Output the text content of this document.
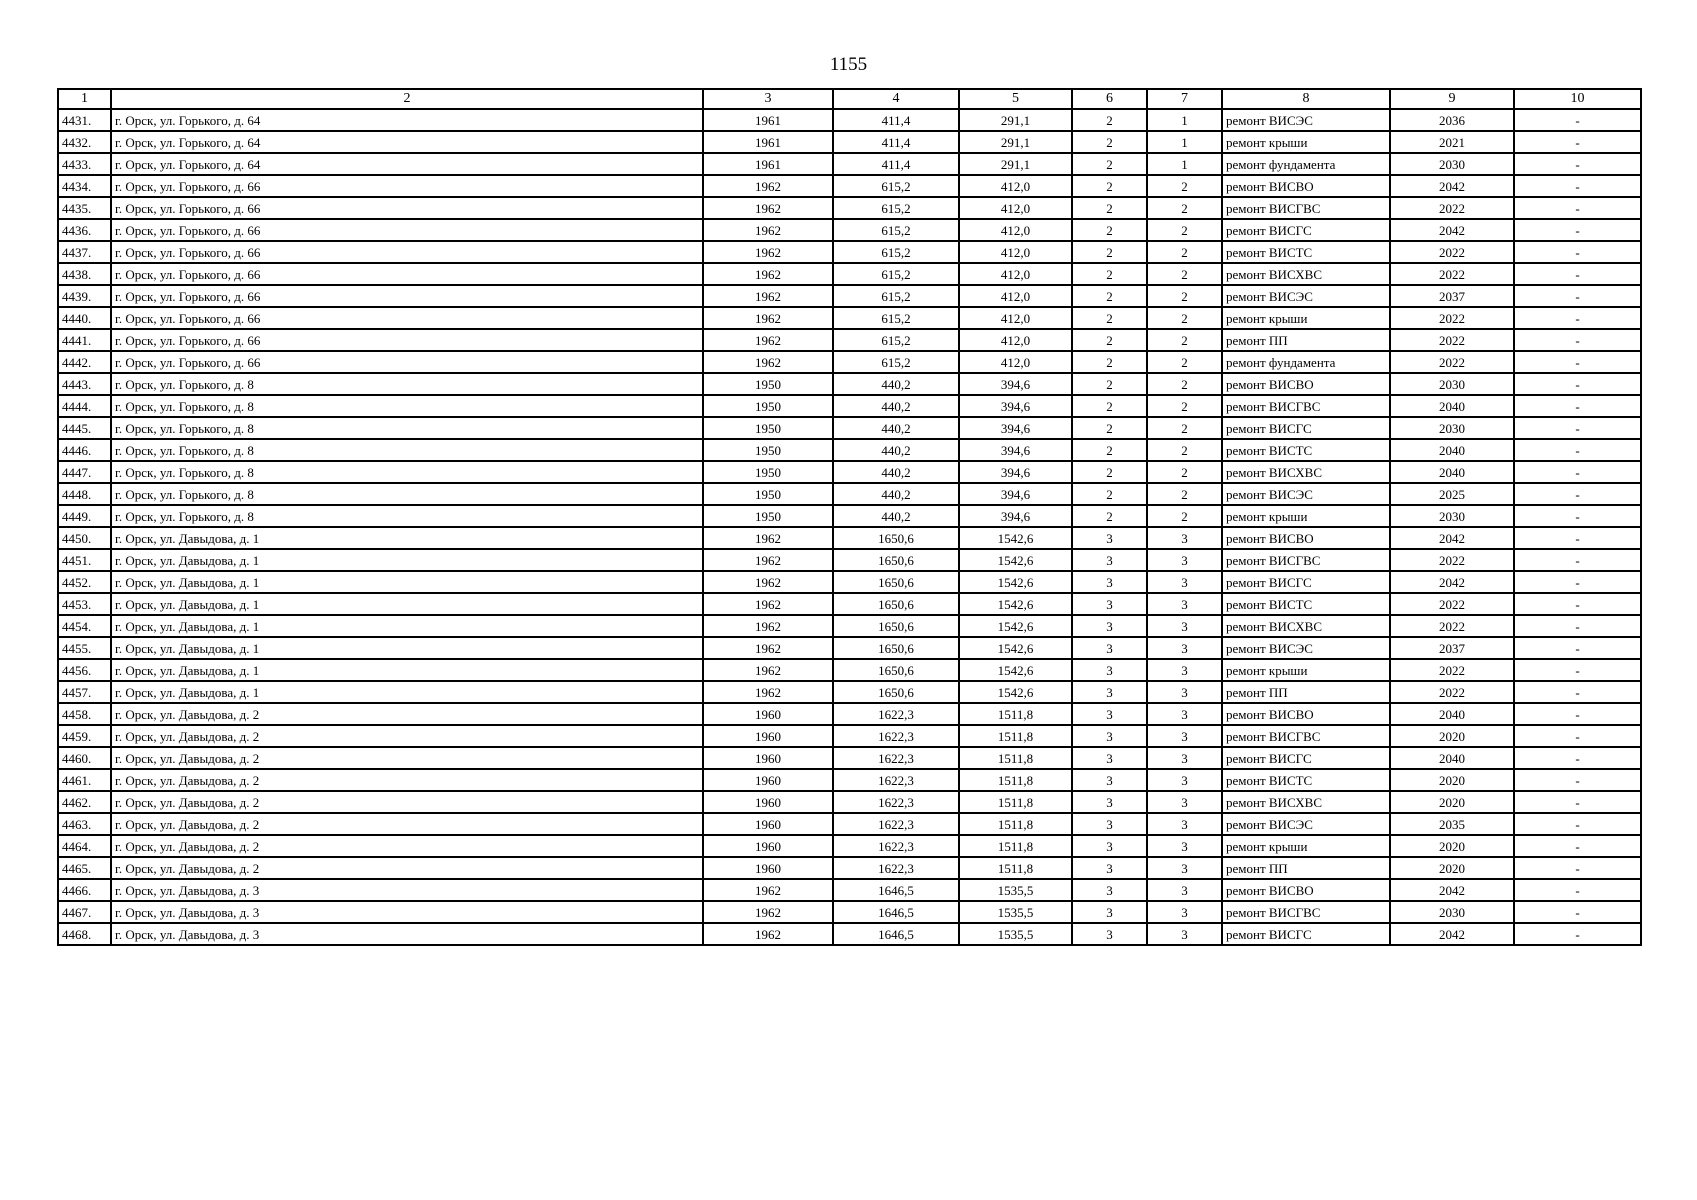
1155
1	2	3	4	5	6	7	8	9	10
4431.	г. Орск, ул. Горького, д. 64	1961	411,4	291,1	2	1	ремонт ВИСЭС	2036	-
4432.	г. Орск, ул. Горького, д. 64	1961	411,4	291,1	2	1	ремонт крыши	2021	-
4433.	г. Орск, ул. Горького, д. 64	1961	411,4	291,1	2	1	ремонт фундамента	2030	-
4434.	г. Орск, ул. Горького, д. 66	1962	615,2	412,0	2	2	ремонт ВИСВО	2042	-
4435.	г. Орск, ул. Горького, д. 66	1962	615,2	412,0	2	2	ремонт ВИСГВС	2022	-
4436.	г. Орск, ул. Горького, д. 66	1962	615,2	412,0	2	2	ремонт ВИСГС	2042	-
4437.	г. Орск, ул. Горького, д. 66	1962	615,2	412,0	2	2	ремонт ВИСТС	2022	-
4438.	г. Орск, ул. Горького, д. 66	1962	615,2	412,0	2	2	ремонт ВИСХВС	2022	-
4439.	г. Орск, ул. Горького, д. 66	1962	615,2	412,0	2	2	ремонт ВИСЭС	2037	-
4440.	г. Орск, ул. Горького, д. 66	1962	615,2	412,0	2	2	ремонт крыши	2022	-
4441.	г. Орск, ул. Горького, д. 66	1962	615,2	412,0	2	2	ремонт ПП	2022	-
4442.	г. Орск, ул. Горького, д. 66	1962	615,2	412,0	2	2	ремонт фундамента	2022	-
4443.	г. Орск, ул. Горького, д. 8	1950	440,2	394,6	2	2	ремонт ВИСВО	2030	-
4444.	г. Орск, ул. Горького, д. 8	1950	440,2	394,6	2	2	ремонт ВИСГВС	2040	-
4445.	г. Орск, ул. Горького, д. 8	1950	440,2	394,6	2	2	ремонт ВИСГС	2030	-
4446.	г. Орск, ул. Горького, д. 8	1950	440,2	394,6	2	2	ремонт ВИСТС	2040	-
4447.	г. Орск, ул. Горького, д. 8	1950	440,2	394,6	2	2	ремонт ВИСХВС	2040	-
4448.	г. Орск, ул. Горького, д. 8	1950	440,2	394,6	2	2	ремонт ВИСЭС	2025	-
4449.	г. Орск, ул. Горького, д. 8	1950	440,2	394,6	2	2	ремонт крыши	2030	-
4450.	г. Орск, ул. Давыдова, д. 1	1962	1650,6	1542,6	3	3	ремонт ВИСВО	2042	-
4451.	г. Орск, ул. Давыдова, д. 1	1962	1650,6	1542,6	3	3	ремонт ВИСГВС	2022	-
4452.	г. Орск, ул. Давыдова, д. 1	1962	1650,6	1542,6	3	3	ремонт ВИСГС	2042	-
4453.	г. Орск, ул. Давыдова, д. 1	1962	1650,6	1542,6	3	3	ремонт ВИСТС	2022	-
4454.	г. Орск, ул. Давыдова, д. 1	1962	1650,6	1542,6	3	3	ремонт ВИСХВС	2022	-
4455.	г. Орск, ул. Давыдова, д. 1	1962	1650,6	1542,6	3	3	ремонт ВИСЭС	2037	-
4456.	г. Орск, ул. Давыдова, д. 1	1962	1650,6	1542,6	3	3	ремонт крыши	2022	-
4457.	г. Орск, ул. Давыдова, д. 1	1962	1650,6	1542,6	3	3	ремонт ПП	2022	-
4458.	г. Орск, ул. Давыдова, д. 2	1960	1622,3	1511,8	3	3	ремонт ВИСВО	2040	-
4459.	г. Орск, ул. Давыдова, д. 2	1960	1622,3	1511,8	3	3	ремонт ВИСГВС	2020	-
4460.	г. Орск, ул. Давыдова, д. 2	1960	1622,3	1511,8	3	3	ремонт ВИСГС	2040	-
4461.	г. Орск, ул. Давыдова, д. 2	1960	1622,3	1511,8	3	3	ремонт ВИСТС	2020	-
4462.	г. Орск, ул. Давыдова, д. 2	1960	1622,3	1511,8	3	3	ремонт ВИСХВС	2020	-
4463.	г. Орск, ул. Давыдова, д. 2	1960	1622,3	1511,8	3	3	ремонт ВИСЭС	2035	-
4464.	г. Орск, ул. Давыдова, д. 2	1960	1622,3	1511,8	3	3	ремонт крыши	2020	-
4465.	г. Орск, ул. Давыдова, д. 2	1960	1622,3	1511,8	3	3	ремонт ПП	2020	-
4466.	г. Орск, ул. Давыдова, д. 3	1962	1646,5	1535,5	3	3	ремонт ВИСВО	2042	-
4467.	г. Орск, ул. Давыдова, д. 3	1962	1646,5	1535,5	3	3	ремонт ВИСГВС	2030	-
4468.	г. Орск, ул. Давыдова, д. 3	1962	1646,5	1535,5	3	3	ремонт ВИСГС	2042	-
